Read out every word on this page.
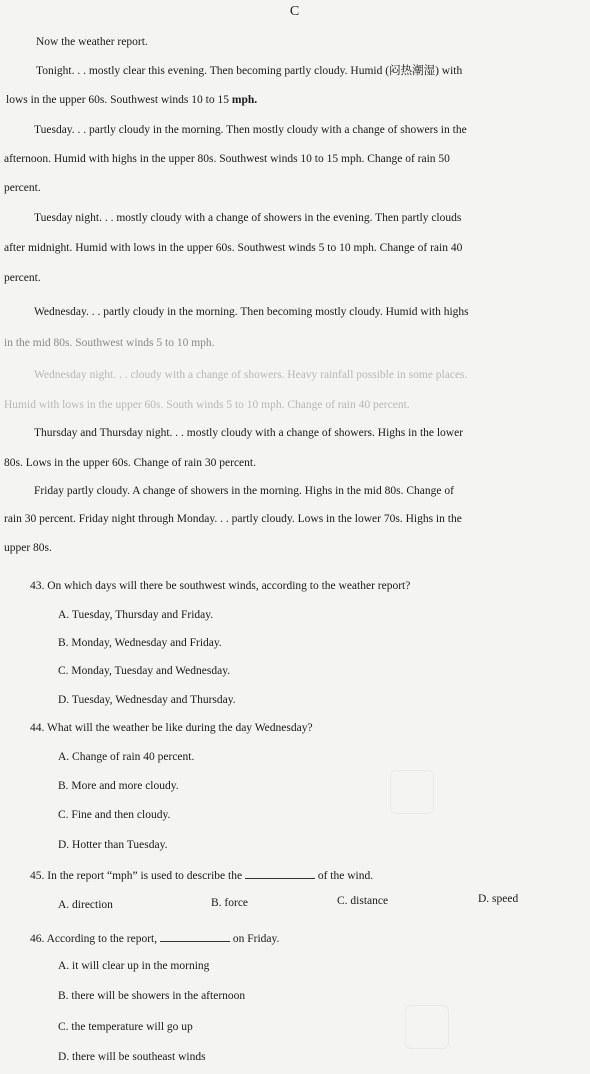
C
Now the weather report.
Tonight. . . mostly clear this evening. Then becoming partly cloudy. Humid (闷热潮湿) with
lows in the upper 60s. Southwest winds 10 to 15 mph.
Tuesday. . . partly cloudy in the morning. Then mostly cloudy with a change of showers in the
afternoon. Humid with highs in the upper 80s. Southwest winds 10 to 15 mph. Change of rain 50
percent.
Tuesday night. . . mostly cloudy with a change of showers in the evening. Then partly clouds
after midnight. Humid with lows in the upper 60s. Southwest winds 5 to 10 mph. Change of rain 40
percent.
Wednesday. . . partly cloudy in the morning. Then becoming mostly cloudy. Humid with highs
in the mid 80s. Southwest winds 5 to 10 mph.
Wednesday night. . . cloudy with a change of showers. Heavy rainfall possible in some places.
Humid with lows in the upper 60s. South winds 5 to 10 mph. Change of rain 40 percent.
Thursday and Thursday night. . . mostly cloudy with a change of showers. Highs in the lower
80s. Lows in the upper 60s. Change of rain 30 percent.
Friday partly cloudy. A change of showers in the morning. Highs in the mid 80s. Change of
rain 30 percent. Friday night through Monday. . . partly cloudy. Lows in the lower 70s. Highs in the
upper 80s.
43. On which days will there be southwest winds, according to the weather report?
A. Tuesday, Thursday and Friday.
B. Monday, Wednesday and Friday.
C. Monday, Tuesday and Wednesday.
D. Tuesday, Wednesday and Thursday.
44. What will the weather be like during the day Wednesday?
A. Change of rain 40 percent.
B. More and more cloudy.
C. Fine and then cloudy.
D. Hotter than Tuesday.
45. In the report “mph” is used to describe the	of the wind.
A. direction	B. force	C. distance	D. speed
46. According to the report,	on Friday.
A. it will clear up in the morning
B. there will be showers in the afternoon
C. the temperature will go up
D. there will be southeast winds
